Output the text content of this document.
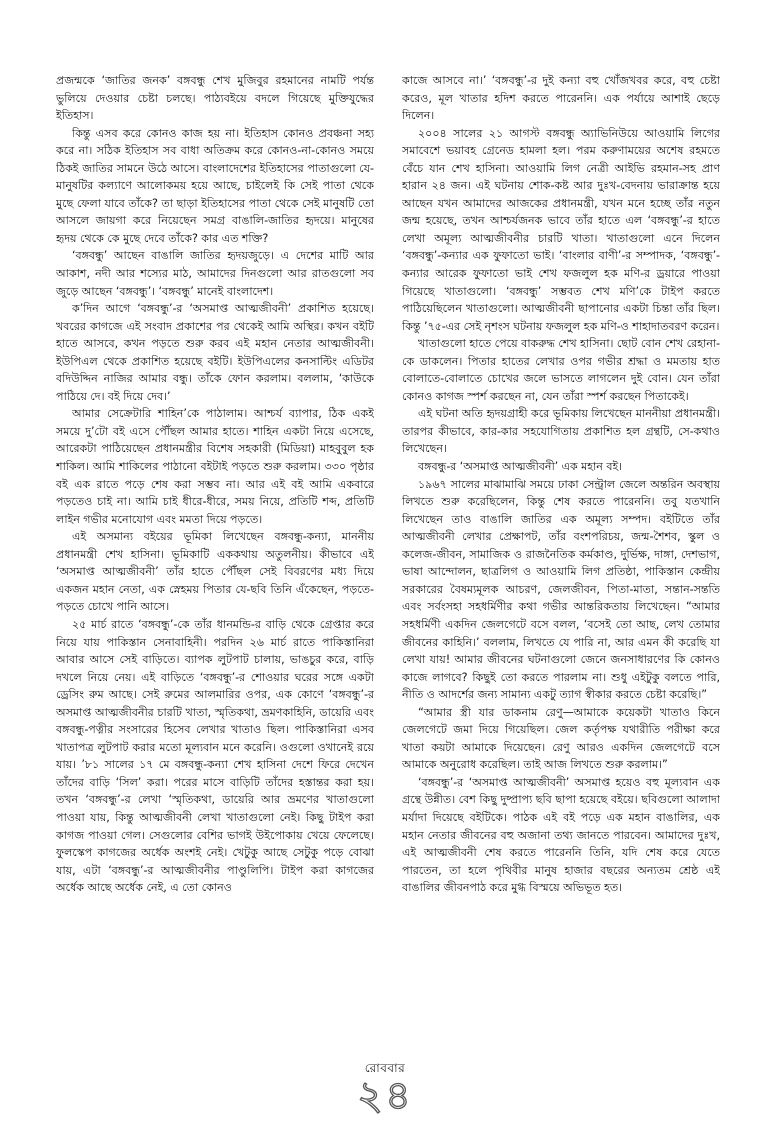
প্রজন্মকে ‘জাতির জনক’ বঙ্গবন্ধু শেখ মুজিবুর রহমানের নামটি পর্যন্ত ভুলিয়ে দেওয়ার চেষ্টা চলছে। পাঠ্যবইয়ে বদলে গিয়েছে মুক্তিযুদ্ধের ইতিহাস।

কিন্তু এসব করে কোনও কাজ হয় না। ইতিহাস কোনও প্রবঞ্চনা সহ্য করে না। সঠিক ইতিহাস সব বাধা অতিক্রম করে কোনও-না-কোনও সময়ে ঠিকই জাতির সামনে উঠে আসে। বাংলাদেশের ইতিহাসের পাতাগুলো যে-মানুষটির কল্যাণে আলোকময় হয়ে আছে, চাইলেই কি সেই পাতা থেকে মুছে ফেলা যাবে তাঁকে? তা ছাড়া ইতিহাসের পাতা থেকে সেই মানুষটি তো আসলে জায়গা করে নিয়েছেন সমগ্র বাঙালি-জাতির হৃদয়ে। মানুষের হৃদয় থেকে কে মুছে দেবে তাঁকে? কার এত শক্তি?

‘বঙ্গবন্ধু’ আছেন বাঙালি জাতির হৃদয়জুড়ে। এ দেশের মাটি আর আকাশ, নদী আর শস্যের মাঠ, আমাদের দিনগুলো আর রাতগুলো সব জুড়ে আছেন ‘বঙ্গবন্ধু’। ‘বঙ্গবন্ধু’ মানেই বাংলাদেশ।

ক’দিন আগে ‘বঙ্গবন্ধু’-র ‘অসমাপ্ত আত্মজীবনী’ প্রকাশিত হয়েছে। খবরের কাগজে এই সংবাদ প্রকাশের পর থেকেই আমি অস্থির। কখন বইটি হাতে আসবে, কখন পড়তে শুরু করব এই মহান নেতার আত্মজীবনী। ইউপিএল থেকে প্রকাশিত হয়েছে বইটি। ইউপিএলের কনসাল্টিং এডিটর বদিউদ্দিন নাজির আমার বন্ধু। তাঁকে ফোন করলাম। বললাম, ‘কাউকে পাঠিয়ে দে। বই দিয়ে দেব।’

আমার সেক্রেটারি শাহিন’কে পাঠালাম। আশ্চর্য ব্যাপার, ঠিক একই সময়ে দু’টো বই এসে পৌঁছল আমার হাতে। শাহিন একটা নিয়ে এসেছে, আরেকটা পাঠিয়েছেন প্রধানমন্ত্রীর বিশেষ সহকারী (মিডিয়া) মাহবুবুল হক শাকিল। আমি শাকিলের পাঠানো বইটাই পড়তে শুরু করলাম। ৩৩০ পৃষ্ঠার বই এক রাতে পড়ে শেষ করা সম্ভব না। আর এই বই আমি একবারে পড়তেও চাই না। আমি চাই ধীরে-ধীরে, সময় নিয়ে, প্রতিটি শব্দ, প্রতিটি লাইন গভীর মনোযোগ এবং মমতা দিয়ে পড়তে।

এই অসমান্য বইয়ের ভূমিকা লিখেছেন বঙ্গবন্ধু-কন্যা, মাননীয় প্রধানমন্ত্রী শেখ হাসিনা। ভূমিকাটি এককথায় অতুলনীয়। কীভাবে এই ‘অসমাপ্ত আত্মজীবনী’ তাঁর হাতে পৌঁছল সেই বিবরণের মধ্য দিয়ে একজন মহান নেতা, এক স্নেহময় পিতার যে-ছবি তিনি এঁকেছেন, পড়তে-পড়তে চোখে পানি আসে।

২৫ মার্চ রাতে ‘বঙ্গবন্ধু’-কে তাঁর ধানমন্ডি-র বাড়ি থেকে গ্রেপ্তার করে নিয়ে যায় পাকিস্তান সেনাবাহিনী। পরদিন ২৬ মার্চ রাতে পাকিস্তানিরা আবার আসে সেই বাড়িতে। ব্যাপক লুটপাট চালায়, ভাঙচুর করে, বাড়ি দখলে নিয়ে নেয়। এই বাড়িতে ‘বঙ্গবন্ধু’-র শোওয়ার ঘরের সঙ্গে একটা ড্রেসিং রুম আছে। সেই রুমের আলমারির ওপর, এক কোণে ‘বঙ্গবন্ধু’-র অসমাপ্ত আত্মজীবনীর চারটি খাতা, স্মৃতিকথা, ভ্রমণকাহিনি, ডায়েরি এবং বঙ্গবন্ধু-পত্নীর সংসারের হিসেব লেখার খাতাও ছিল। পাকিস্তানিরা এসব খাতাপত্র লুটপাট করার মতো মূল্যবান মনে করেনি। ওগুলো ওখানেই রয়ে যায়। ’৮১ সালের ১৭ মে বঙ্গবন্ধু-কন্যা শেখ হাসিনা দেশে ফিরে দেখেন তাঁদের বাড়ি ‘সিল’ করা। পরের মাসে বাড়িটি তাঁদের হস্তান্তর করা হয়। তখন ‘বঙ্গবন্ধু’-র লেখা ‘স্মৃতিকথা, ডায়েরি আর ভ্রমণের খাতাগুলো পাওয়া যায়, কিন্তু আত্মজীবনী লেখা খাতাগুলো নেই। কিছু টাইপ করা কাগজ পাওয়া গেল। সেগুলোর বেশির ভাগই উইপোকায় খেয়ে ফেলেছে। ফুলস্কেপ কাগজের অর্ধেক অংশই নেই। খেটুকু আছে সেটুকু পড়ে বোঝা যায়, এটা ‘বঙ্গবন্ধু’-র আত্মজীবনীর পাণ্ডুলিপি। টাইপ করা কাগজের অর্ধেক আছে অর্ধেক নেই, এ তো কোনও

কাজে আসবে না।’ ‘বঙ্গবন্ধু’-র দুই কন্যা বহু খোঁজখবর করে, বহু চেষ্টা করেও, মূল খাতার হদিশ করতে পারেননি। এক পর্যায়ে আশাই ছেড়ে দিলেন।

২০০৪ সালের ২১ আগস্ট বঙ্গবন্ধু অ্যাভিনিউয়ে আওয়ামি লিগের সমাবেশে ভয়াবহ গ্রেনেড হামলা হল। পরম করুণাময়ের অশেষ রহমতে বেঁচে যান শেখ হাসিনা। আওয়ামি লিগ নেত্রী আইভি রহমান-সহ প্রাণ হারান ২৪ জন। এই ঘটনায় শোক-কষ্ট আর দুঃখ-বেদনায় ভারাক্রান্ত হয়ে আছেন যখন আমাদের আজকের প্রধানমন্ত্রী, যখন মনে হচ্ছে তাঁর নতুন জন্ম হয়েছে, তখন আশ্চর্যজনক ভাবে তাঁর হাতে এল ‘বঙ্গবন্ধু’-র হাতে লেখা অমূল্য আত্মজীবনীর চারটি খাতা। খাতাগুলো এনে দিলেন ‘বঙ্গবন্ধু’-কন্যার এক ফুফাতো ভাই। ‘বাংলার বাণী’-র সম্পাদক, ‘বঙ্গবন্ধু’-কন্যার আরেক ফুফাতো ভাই শেখ ফজলুল হক মণি-র ড্রয়ারে পাওয়া গিয়েছে খাতাগুলো। ‘বঙ্গবন্ধু’ সম্ভবত শেখ মণি’কে টাইপ করতে পাঠিয়েছিলেন খাতাগুলো। আত্মজীবনী ছাপানোর একটা চিন্তা তাঁর ছিল। কিন্তু ’৭৫-এর সেই নৃশংস ঘটনায় ফজলুল হক মণি-ও শাহাদাতবরণ করেন।

খাতাগুলো হাতে পেয়ে বাকরুদ্ধ শেখ হাসিনা। ছোট বোন শেখ রেহানা-কে ডাকলেন। পিতার হাতের লেখার ওপর গভীর শ্রদ্ধা ও মমতায় হাত বোলাতে-বোলাতে চোখের জলে ভাসতে লাগলেন দুই বোন। যেন তাঁরা কোনও কাগজ স্পর্শ করছেন না, যেন তাঁরা স্পর্শ করছেন পিতাকেই।

এই ঘটনা অতি হৃদয়গ্রাহী করে ভূমিকায় লিখেছেন মাননীয়া প্রধানমন্ত্রী। তারপর কীভাবে, কার-কার সহযোগিতায় প্রকাশিত হল গ্রন্থটি, সে-কথাও লিখেছেন।

বঙ্গবন্ধু-র ‘অসমাপ্ত আত্মজীবনী’ এক মহান বই।

১৯৬৭ সালের মাঝামাঝি সময়ে ঢাকা সেন্ট্রাল জেলে অন্তরিন অবস্থায় লিখতে শুরু করেছিলেন, কিন্তু শেষ করতে পারেননি। তবু যতখানি লিখেছেন তাও বাঙালি জাতির এক অমূল্য সম্পদ। বইটিতে তাঁর আত্মজীবনী লেখার প্রেক্ষাপট, তাঁর বংশপরিচয়, জন্ম-শৈশব, স্কুল ও কলেজ-জীবন, সামাজিক ও রাজনৈতিক কর্মকাণ্ড, দুর্ভিক্ষ, দাঙ্গা, দেশভাগ, ভাষা আন্দোলন, ছাত্রলিগ ও আওয়ামি লিগ প্রতিষ্ঠা, পাকিস্তান কেন্দ্রীয় সরকারের বৈষম্যমূলক আচরণ, জেলজীবন, পিতা-মাতা, সন্তান-সন্ততি এবং সর্বংসহা সহধর্মিণীর কথা গভীর আন্তরিকতায় লিখেছেন। “আমার সহধর্মিণী একদিন জেলগেটে বসে বলল, ‘বসেই তো আছ, লেখ তোমার জীবনের কাহিনি।’ বললাম, লিখতে যে পারি না, আর এমন কী করেছি যা লেখা যায়! আমার জীবনের ঘটনাগুলো জেনে জনসাধারণের কি কোনও কাজে লাগবে? কিছুই তো করতে পারলাম না। শুধু এইটুকু বলতে পারি, নীতি ও আদর্শের জন্য সামান্য একটু ত্যাগ স্বীকার করতে চেষ্টা করেছি।”

“আমার স্ত্রী যার ডাকনাম রেণু—আমাকে কয়েকটা খাতাও কিনে জেলগেটে জমা দিয়ে গিয়েছিল। জেল কর্তৃপক্ষ যথারীতি পরীক্ষা করে খাতা কয়টা আমাকে দিয়েছেন। রেণু আরও একদিন জেলগেটে বসে আমাকে অনুরোধ করেছিল। তাই আজ লিখতে শুরু করলাম।”

‘বঙ্গবন্ধু’-র ‘অসমাপ্ত আত্মজীবনী’ অসমাপ্ত হয়েও বহু মূল্যবান এক গ্রন্থে উন্নীত। বেশ কিছু দুষ্প্রাপ্য ছবি ছাপা হয়েছে বইয়ে। ছবিগুলো আলাদা মর্যাদা দিয়েছে বইটিকে। পাঠক এই বই পড়ে এক মহান বাঙালির, এক মহান নেতার জীবনের বহু অজানা তথ্য জানতে পারবেন। আমাদের দুঃখ, এই আত্মজীবনী শেষ করতে পারেননি তিনি, যদি শেষ করে যেতে পারতেন, তা হলে পৃথিবীর মানুষ হাজার বছরের অন্যতম শ্রেষ্ঠ এই বাঙালির জীবনপাঠ করে মুগ্ধ বিস্ময়ে অভিভূত হত।

রোববার
২৪
